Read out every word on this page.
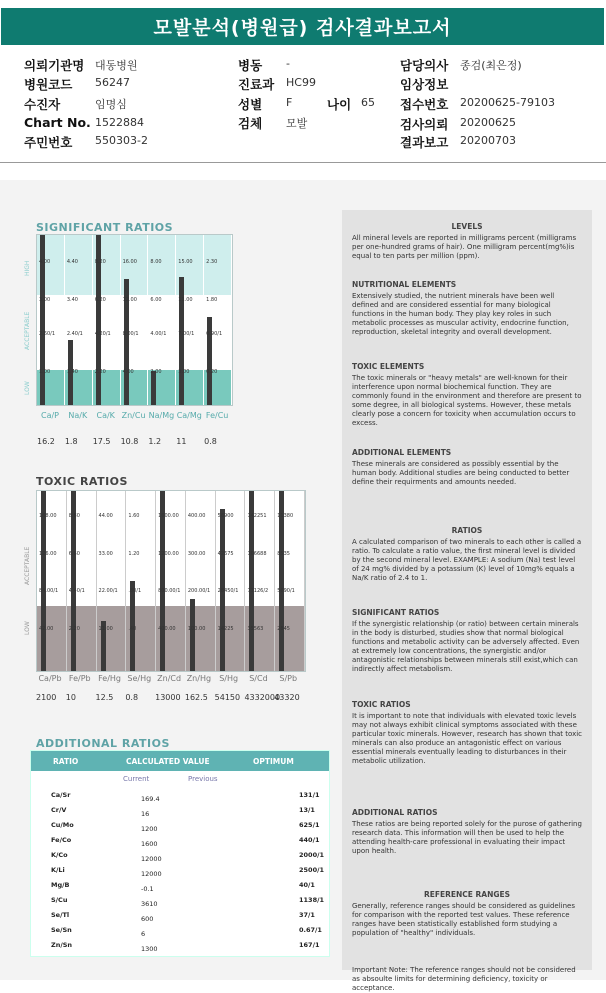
모발분석(병원급) 검사결과보고서
의뢰기관명 대동병원
병원코드 56247
수진자	임명심
Chart No. 1522884
주민번호 550303-2
병동 -
진료과 HC99
성별 F	나이 65
검체 모발
담당의사 종검(최은정)
임상정보
접수번호 20200625-79103
검사의뢰 20200625
결과보고 20200703
SIGNIFICANT RATIOS
4.00
3.00
2.60/1
1.00
4.40
3.40
2.40/1
1.40
8.20
6.20
4.20/1
2.20
16.00
12.00
8.00/1
4.00
8.00
6.00
4.00/1
2.00
15.00
11.00
7.00/1
3.00
2.30
1.80
0.90/1
0.20
Ca/P	Na/K	Ca/K Zn/Cu Na/Mg Ca/Mg Fe/Cu
16.2 1.8 17.5 10.8 1.2 11 0.8
HIGH
ACCEPTABLE
LOW
TOXIC RATIOS
168.00
126.00
84.00/1
42.00
8.80
6.60
4.40/1
2.20
44.00
33.00
22.00/1
11.00
1.60
1.20
.80/1
.40
1600.00
1200.00
800.00/1
400.00
400.00
300.00
200.00/1
100.00
56900
42675
28450/1
14225
142251
106688
71126/2
35563
11380
8535
5690/1
2845
Ca/Pb Fe/Pb Fe/Hg Se/Hg Zn/Cd Zn/Hg	S/Hg	S/Cd	S/Pb
2100 10 12.5 0.8 13000 162.5 54150 4332000
43320
ACCEPTABLE
LOW
ADDITIONAL RATIOS
RATIO	CALCULATED VALUE	OPTIMUM
Current	Previous
Ca/Sr	169.4	131/1
Cr/V	16	13/1
Cu/Mo	1200	625/1
Fe/Co	1600	440/1
K/Co	12000	2000/1
K/Li	12000	2500/1
Mg/B	-0.1	40/1
S/Cu	3610	1138/1
Se/Tl	600	37/1
Se/Sn	6	0.67/1
Zn/Sn	1300	167/1
LEVELS
All mineral levels are reported in milligrams percent (milligrams per one-hundred grams of hair). One milligram percent(mg%)is equal to ten parts per million (ppm).
NUTRITIONAL ELEMENTS
Extensively studied, the nutrient minerals have been well defined and are considered essential for many biological functions in the human body. They play key roles in such metabolic processes as muscular activity, endocrine function, reproduction, skeletal integrity and overall development.
TOXIC ELEMENTS
The toxic minerals or "heavy metals" are well-known for their interference upon normal biochemical function. They are commonly found in the environment and therefore are present to some degree, in all biological systems. However, these metals clearly pose a concern for toxicity when accumulation occurs to excess.
ADDITIONAL ELEMENTS
These minerals are considered as possibly essential by the human body. Additional studies are being conducted to better define their requirments and amounts needed.
RATIOS
A calculated comparison of two minerals to each other is called a ratio. To calculate a ratio value, the first mineral level is divided by the second mineral level. EXAMPLE: A sodium (Na) test level of 24 mg% divided by a potassium (K) level of 10mg% equals a Na/K ratio of 2.4 to 1.
SIGNIFICANT RATIOS
If the synergistic relationship (or ratio) between certain minerals in the body is disturbed, studies show that normal biological functions and metabolic activity can be adversely affected. Even at extremely low concentrations, the synergistic and/or antagonistic relationships between minerals still exist,which can indirectly affect metabolism.
TOXIC RATIOS
It is important to note that individuals with elevated toxic levels may not always exhibit clinical symptoms associated with these particular toxic minerals. However, research has shown that toxic minerals can also produce an antagonistic effect on various essential minerals eventually leading to disturbances in their metabolic utilization.
ADDITIONAL RATIOS
These ratios are being reported solely for the purose of gathering research data. This information will then be used to help the attending health-care professional in evaluating their impact upon health.
REFERENCE RANGES
Generally, reference ranges should be considered as guidelines for comparison with the reported test values. These reference ranges have been statistically established form studying a population of "healthy" individuals.
Important Note: The reference ranges should not be considered as absoulte limits for determining deficiency, toxicity or acceptance.
